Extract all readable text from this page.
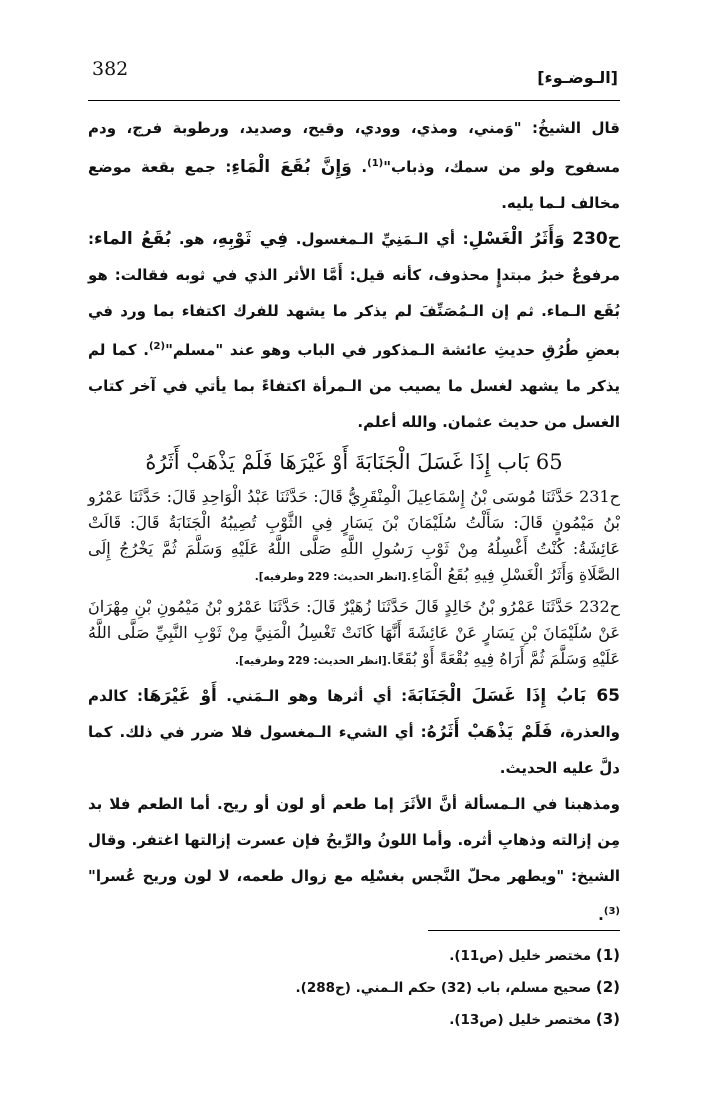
382	[الـوضـوء]

قال الشيخُ: "وَمني، ومذي، وودي، وقيح، وصديد، ورطوبة فرج، ودم مسفوح ولو من سمك، وذباب"$^{(1)}$. وَإِنَّ بُقَعَ الْمَاءِ: جمع بقعة موضع مخالف لـما يليه.

ح230 وَأَثَرُ الْغَسْلِ: أي الـمَنِيِّ الـمغسول. فِي ثَوْبِهِ، هو. بُقَعُ الماء: مرفوعٌ خبرُ مبتدإٍ محذوف، كأنه قيل: أَمَّا الأثر الذي في ثوبه فقالت: هو بُقَع الـماء. ثم إن الـمُصَنِّفَ لم يذكر ما يشهد للفرك اكتفاء بما ورد في بعضِ طُرُقِ حديثِ عائشة الـمذكور في الباب وهو عند "مسلم"$^{(2)}$. كما لم يذكر ما يشهد لغسل ما يصيب من الـمرأة اكتفاءً بما يأتي في آخر كتاب الغسل من حديث عثمان. والله أعلم.

65 بَاب إِذَا غَسَلَ الْجَنَابَةَ أَوْ غَيْرَهَا فَلَمْ يَذْهَبْ أَثَرُهُ

ح231 حَدَّثَنَا مُوسَى بْنُ إِسْمَاعِيلَ الْمِنْقَرِيُّ قَالَ: حَدَّثَنَا عَبْدُ الْوَاحِدِ قَالَ: حَدَّثَنَا عَمْرُو بْنُ مَيْمُونٍ قَالَ: سَأَلْتُ سُلَيْمَانَ بْنَ يَسَارٍ فِي الثَّوْبِ تُصِيبُهُ الْجَنَابَةُ قَالَ: قَالَتْ عَائِشَةُ: كُنْتُ أَغْسِلُهُ مِنْ ثَوْبِ رَسُولِ اللَّهِ صَلَّى اللَّهُ عَلَيْهِ وَسَلَّمَ ثُمَّ يَخْرُجُ إِلَى الصَّلَاةِ وَأَثَرُ الْغَسْلِ فِيهِ بُقَعُ الْمَاءِ.[انظر الحديث: 229 وطرفيه].

ح232 حَدَّثَنَا عَمْرُو بْنُ خَالِدٍ قَالَ حَدَّثَنَا زُهَيْرٌ قَالَ: حَدَّثَنَا عَمْرُو بْنُ مَيْمُونِ بْنِ مِهْرَانَ عَنْ سُلَيْمَانَ بْنِ يَسَارٍ عَنْ عَائِشَةَ أَنَّهَا كَانَتْ تَغْسِلُ الْمَنِيَّ مِنْ ثَوْبِ النَّبِيِّ صَلَّى اللَّهُ عَلَيْهِ وَسَلَّمَ ثُمَّ أَرَاهُ فِيهِ بُقْعَةً أَوْ بُقَعًا.[انظر الحديث: 229 وطرفيه].

65 بَابُ إِذَا غَسَلَ الْجَنَابَةَ: أي أثرها وهو الـمَني. أَوْ غَيْرَهَا: كالدم والعذرة، فَلَمْ يَذْهَبْ أَثَرُهُ: أي الشيء الـمغسول فلا ضرر في ذلك. كما دلَّ عليه الحديث.

ومذهبنا في الـمسألة أنَّ الأثَرَ إما طعم أو لون أو ريح. أما الطعم فلا بد مِن إزالته وذهابِ أثره. وأما اللونُ والرِّيحُ فإن عسرت إزالتها اغتفر. وقال الشيخ: "ويطهر محلّ النَّجس بغسْلِه مع زوال طعمه، لا لون وريح عُسرا"$^{(3)}$.

(1) مختصر خليل (ص11).

(2) صحيح مسلم، باب (32) حكم الـمني. (ح288).

(3) مختصر خليل (ص13).
